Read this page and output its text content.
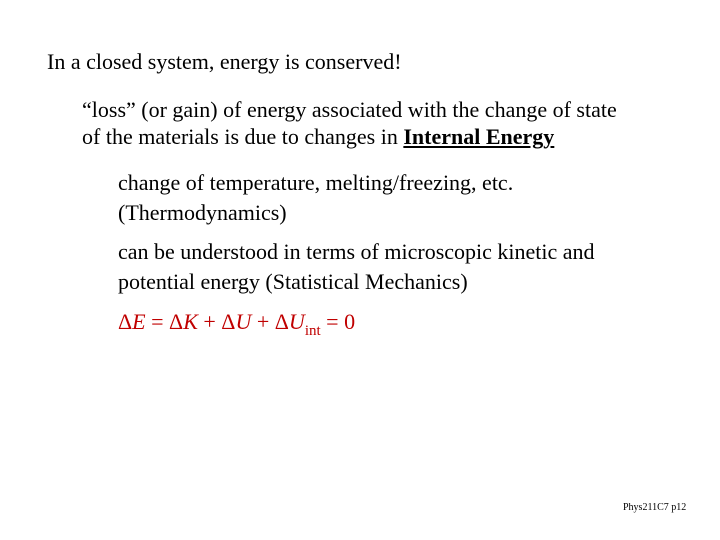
In a closed system, energy is conserved!

“loss” (or gain) of energy associated with the change of state
of the materials is due to changes in Internal Energy
change of temperature, melting/freezing, etc.
(Thermodynamics)
can be understood in terms of microscopic kinetic and
potential energy (Statistical Mechanics)
$\Delta E = \Delta K + \Delta U + \Delta U_{int} = 0$
Phys211C7 p12
